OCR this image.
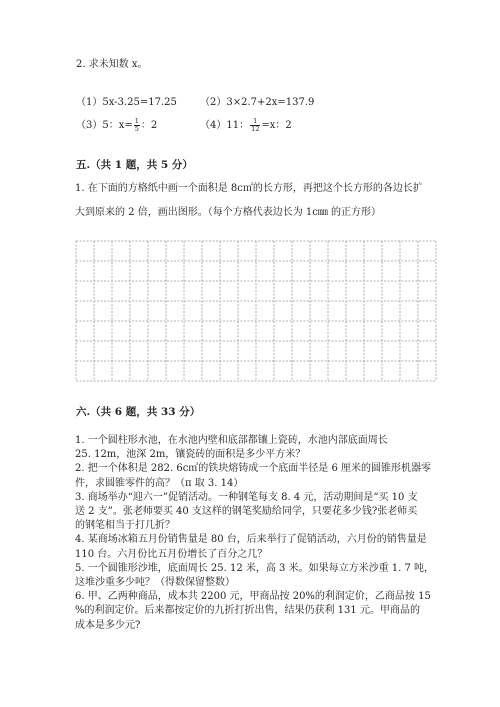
2. 求未知数 x。
（1）5x-3.25=17.25 （2）3×2.7+2x=137.9
（3）5：$x= \frac{1}{5}$ ：2	（4）11： $\frac{1}{12} =x$：2
五.（共 1 题，共 5 分）
1. 在下面的方格纸中画一个面积是 8c㎡的长方形，再把这个长方形的各边长扩
大到原来的 2 倍，画出图形。（每个方格代表边长为 1c㎜ 的正方形）
六.（共 6 题，共 33 分）
1. 一个圆柱形水池，在水池内壁和底部都镶上瓷砖，水池内部底面周长
25. 12m，池深 2m，镶瓷砖的面积是多少平方米？
2. 把一个体积是 282. 6c㎥的铁块熔铸成一个底面半径是 6 厘米的圆锥形机器零
件，求圆锥零件的高？（π 取 3. 14）
3. 商场举办“迎六一”促销活动。一种钢笔每支 8. 4 元，活动期间是“买 10 支
送 2 支”。张老师要买 40 支这样的钢笔奖励给同学，只要花多少钱?张老师买
的钢笔相当于打几折？
4. 某商场冰箱五月份销售量是 80 台，后来举行了促销活动，六月份的销售量是
110 台。六月份比五月份增长了百分之几？
5. 一个圆锥形沙堆，底面周长 25. 12 米，高 3 米。如果每立方米沙重 1. 7 吨，
这堆沙重多少吨？（得数保留整数）
6. 甲、乙两种商品，成本共 2200 元，甲商品按 20%的利润定价，乙商品按 15
%的利润定价。后来都按定价的九折打折出售，结果仍获利 131 元。甲商品的
成本是多少元?
